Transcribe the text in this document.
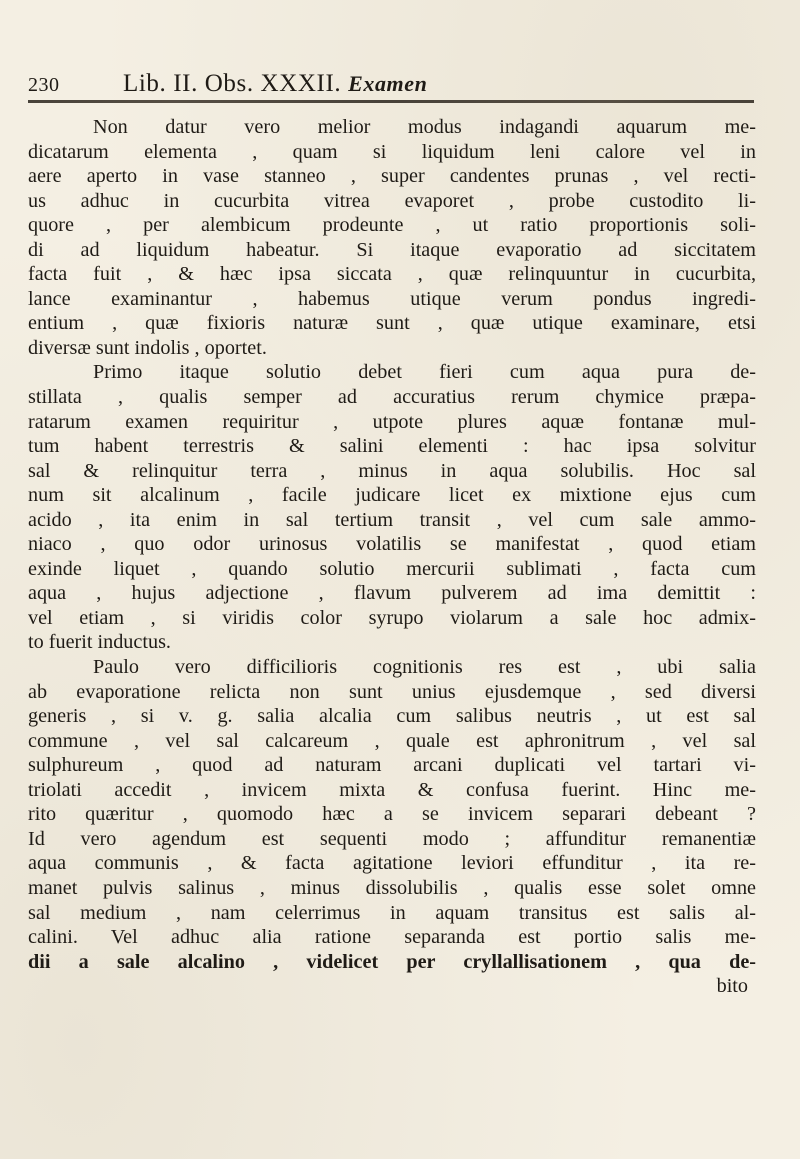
230	Lib. II. Obs. XXXII. Examen
Non datur vero melior modus indagandi aquarum me-
dicatarum elementa , quam si liquidum leni calore vel in
aere aperto in vase stanneo , super candentes prunas , vel recti-
us adhuc in cucurbita vitrea evaporet , probe custodito li-
quore , per alembicum prodeunte , ut ratio proportionis soli-
di ad liquidum habeatur. Si itaque evaporatio ad siccitatem
facta fuit , & hæc ipsa siccata , quæ relinquuntur in cucurbita,
lance examinantur , habemus utique verum pondus ingredi-
entium , quæ fixioris naturæ sunt , quæ utique examinare, etsi
diversæ sunt indolis , oportet.
Primo itaque solutio debet fieri cum aqua pura de-
stillata , qualis semper ad accuratius rerum chymice præpa-
ratarum examen requiritur , utpote plures aquæ fontanæ mul-
tum habent terrestris & salini elementi : hac ipsa solvitur
sal & relinquitur terra , minus in aqua solubilis. Hoc sal
num sit alcalinum , facile judicare licet ex mixtione ejus cum
acido , ita enim in sal tertium transit , vel cum sale ammo-
niaco , quo odor urinosus volatilis se manifestat , quod etiam
exinde liquet , quando solutio mercurii sublimati , facta cum
aqua , hujus adjectione , flavum pulverem ad ima demittit :
vel etiam , si viridis color syrupo violarum a sale hoc admix-
to fuerit inductus.
Paulo vero difficilioris cognitionis res est , ubi salia
ab evaporatione relicta non sunt unius ejusdemque , sed diversi
generis , si v. g. salia alcalia cum salibus neutris , ut est sal
commune , vel sal calcareum , quale est aphronitrum , vel sal
sulphureum , quod ad naturam arcani duplicati vel tartari vi-
triolati accedit , invicem mixta & confusa fuerint. Hinc me-
rito quæritur , quomodo hæc a se invicem separari debeant ?
Id vero agendum est sequenti modo ; affunditur remanentiæ
aqua communis , & facta agitatione leviori effunditur , ita re-
manet pulvis salinus , minus dissolubilis , qualis esse solet omne
sal medium , nam celerrimus in aquam transitus est salis al-
calini. Vel adhuc alia ratione separanda est portio salis me-
dii a sale alcalino , videlicet per cryllallisationem , qua de-
bito
